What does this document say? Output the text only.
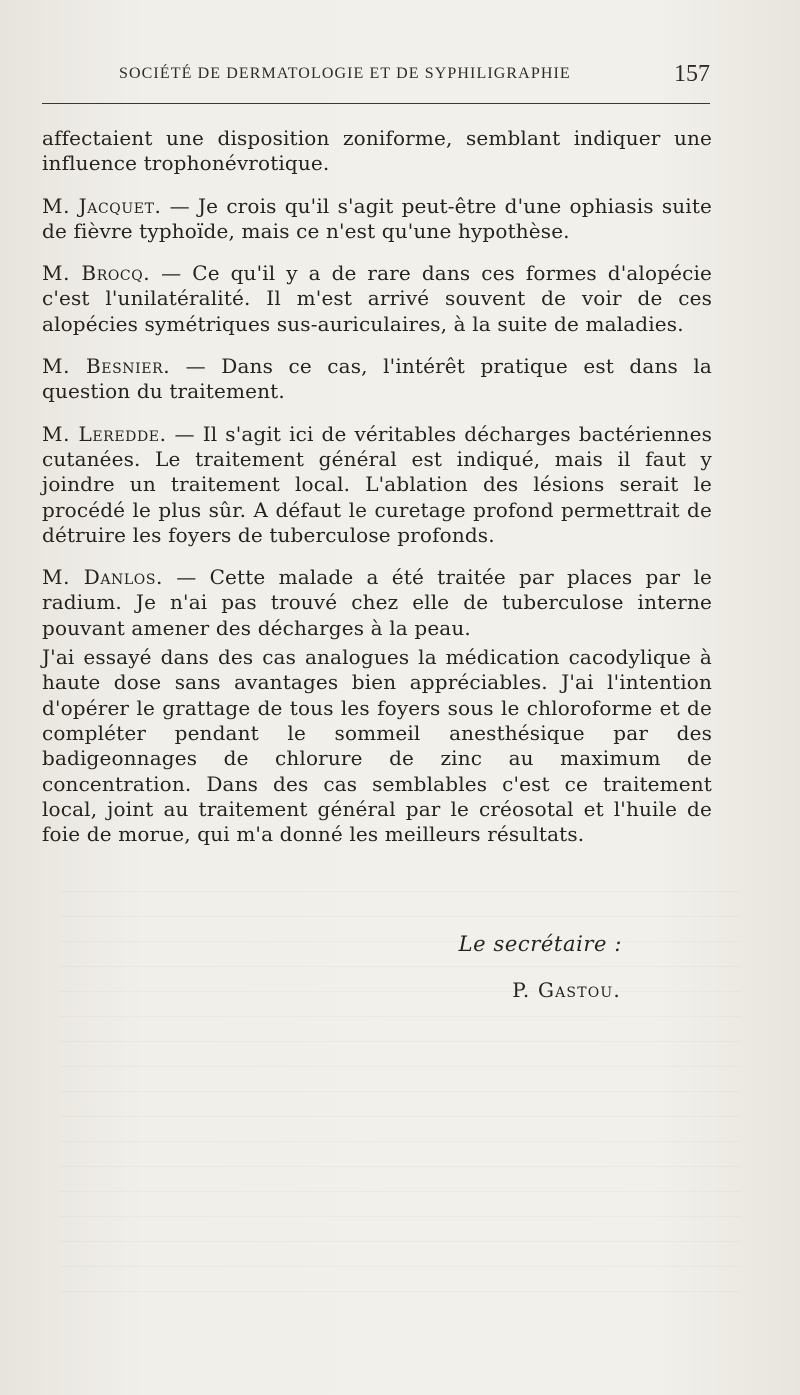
SOCIÉTÉ DE DERMATOLOGIE ET DE SYPHILIGRAPHIE	157

affectaient une disposition zoniforme, semblant indiquer une influence trophonévrotique.

M. Jacquet. — Je crois qu'il s'agit peut-être d'une ophiasis suite de fièvre typhoïde, mais ce n'est qu'une hypothèse.

M. Brocq. — Ce qu'il y a de rare dans ces formes d'alopécie c'est l'unilatéralité. Il m'est arrivé souvent de voir de ces alopécies symétriques sus-auriculaires, à la suite de maladies.

M. Besnier. — Dans ce cas, l'intérêt pratique est dans la question du traitement.

M. Leredde. — Il s'agit ici de véritables décharges bactériennes cutanées. Le traitement général est indiqué, mais il faut y joindre un traitement local. L'ablation des lésions serait le procédé le plus sûr. A défaut le curetage profond permettrait de détruire les foyers de tuberculose profonds.

M. Danlos. — Cette malade a été traitée par places par le radium. Je n'ai pas trouvé chez elle de tuberculose interne pouvant amener des décharges à la peau.

J'ai essayé dans des cas analogues la médication cacodylique à haute dose sans avantages bien appréciables. J'ai l'intention d'opérer le grattage de tous les foyers sous le chloroforme et de compléter pendant le sommeil anesthésique par des badigeonnages de chlorure de zinc au maximum de concentration. Dans des cas semblables c'est ce traitement local, joint au traitement général par le créosotal et l'huile de foie de morue, qui m'a donné les meilleurs résultats.

Le secrétaire :
P. Gastou.
